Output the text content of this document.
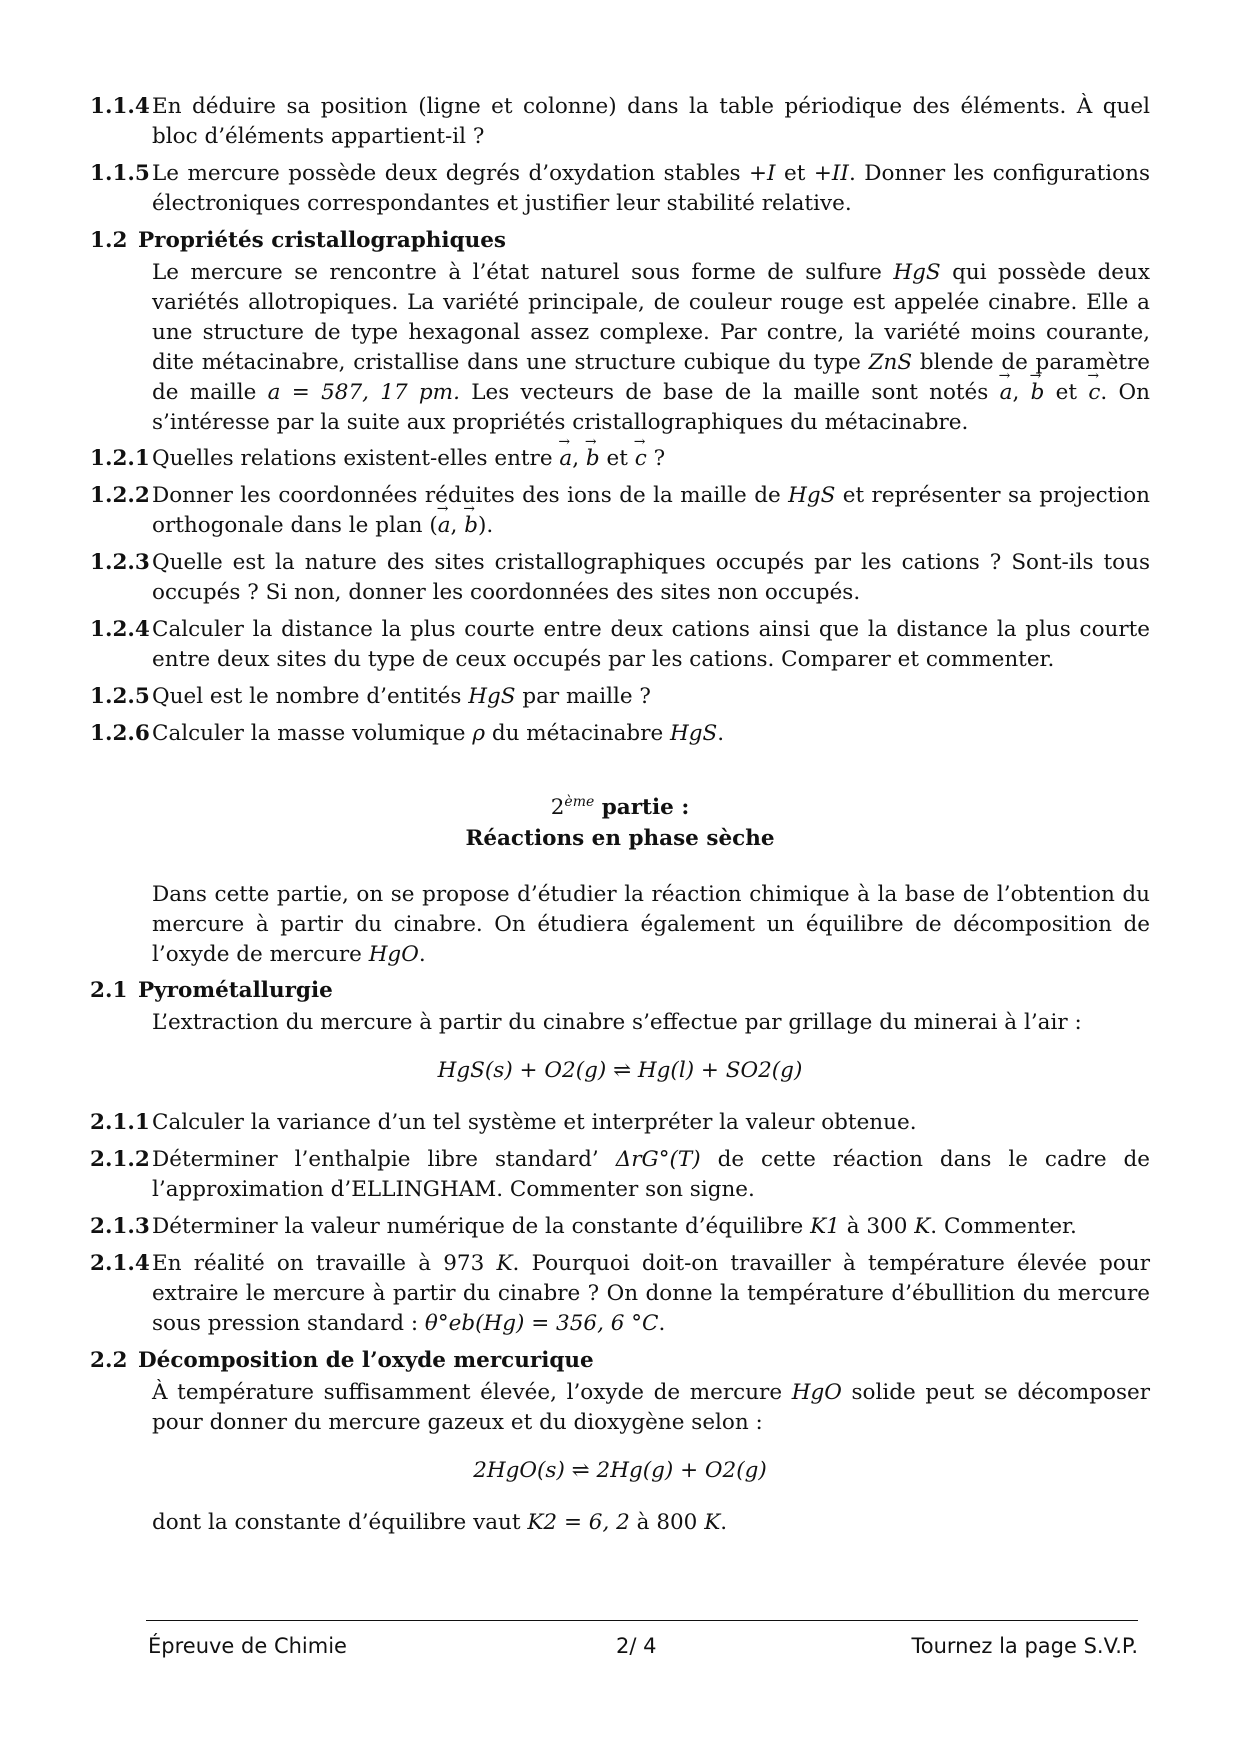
1.1.4 En déduire sa position (ligne et colonne) dans la table périodique des éléments. À quel bloc d’éléments appartient-il ?
1.1.5 Le mercure possède deux degrés d’oxydation stables +I et +II. Donner les configurations électroniques correspondantes et justifier leur stabilité relative.
1.2 Propriétés cristallographiques
Le mercure se rencontre à l’état naturel sous forme de sulfure HgS qui possède deux variétés allotropiques. La variété principale, de couleur rouge est appelée cinabre. Elle a une structure de type hexagonal assez complexe. Par contre, la variété moins courante, dite métacinabre, cristallise dans une structure cubique du type ZnS blende de paramètre de maille a = 587, 17 pm. Les vecteurs de base de la maille sont notés → a, → b et → c. On s’intéresse par la suite aux propriétés cristallographiques du métacinabre.
1.2.1 Quelles relations existent-elles entre → a, → b et → c ?
1.2.2 Donner les coordonnées réduites des ions de la maille de HgS et représenter sa projection orthogonale dans le plan (→ a, → b).
1.2.3 Quelle est la nature des sites cristallographiques occupés par les cations ? Sont-ils tous occupés ? Si non, donner les coordonnées des sites non occupés.
1.2.4 Calculer la distance la plus courte entre deux cations ainsi que la distance la plus courte entre deux sites du type de ceux occupés par les cations. Comparer et commenter.
1.2.5 Quel est le nombre d’entités HgS par maille ?
1.2.6 Calculer la masse volumique ρ du métacinabre HgS.
2ème partie :
Réactions en phase sèche
Dans cette partie, on se propose d’étudier la réaction chimique à la base de l’obtention du mercure à partir du cinabre. On étudiera également un équilibre de décomposition de l’oxyde de mercure HgO.
2.1 Pyrométallurgie
L’extraction du mercure à partir du cinabre s’effectue par grillage du minerai à l’air :
HgS(s) + O2(g) ⇌ Hg(l) + SO2(g)
2.1.1 Calculer la variance d’un tel système et interpréter la valeur obtenue.
2.1.2 Déterminer l’enthalpie libre standard’ ΔrG°(T) de cette réaction dans le cadre de l’approximation d’ELLINGHAM. Commenter son signe.
2.1.3 Déterminer la valeur numérique de la constante d’équilibre K1 à 300 K. Commenter.
2.1.4 En réalité on travaille à 973 K. Pourquoi doit-on travailler à température élevée pour extraire le mercure à partir du cinabre ? On donne la température d’ébullition du mercure sous pression standard : θ°eb(Hg) = 356, 6 °C.
2.2 Décomposition de l’oxyde mercurique
À température suffisamment élevée, l’oxyde de mercure HgO solide peut se décomposer pour donner du mercure gazeux et du dioxygène selon :
2HgO(s) ⇌ 2Hg(g) + O2(g)
dont la constante d’équilibre vaut K2 = 6, 2 à 800 K.
Épreuve de Chimie	2/ 4	Tournez la page S.V.P.
